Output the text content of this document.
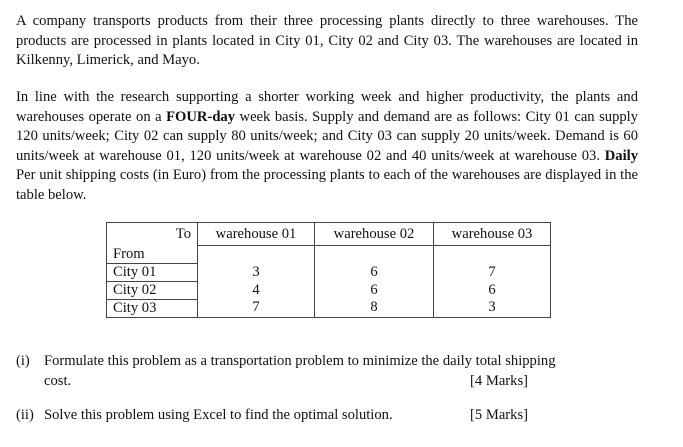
A company transports products from their three processing plants directly to three warehouses. The products are processed in plants located in City 01, City 02 and City 03. The warehouses are located in Kilkenny, Limerick, and Mayo.

In line with the research supporting a shorter working week and higher productivity, the plants and warehouses operate on a FOUR-day week basis. Supply and demand are as follows: City 01 can supply 120 units/week; City 02 can supply 80 units/week; and City 03 can supply 20 units/week. Demand is 60 units/week at warehouse 01, 120 units/week at warehouse 02 and 40 units/week at warehouse 03. Daily Per unit shipping costs (in Euro) from the processing plants to each of the warehouses are displayed in the table below.

To	warehouse 01	warehouse 02	warehouse 03
From			
City 01	3	6	7
City 02	4	6	6
City 03	7	8	3
(i) Formulate this problem as a transportation problem to minimize the daily total shipping
cost.	[4 Marks]
(ii) Solve this problem using Excel to find the optimal solution.	[5 Marks]
